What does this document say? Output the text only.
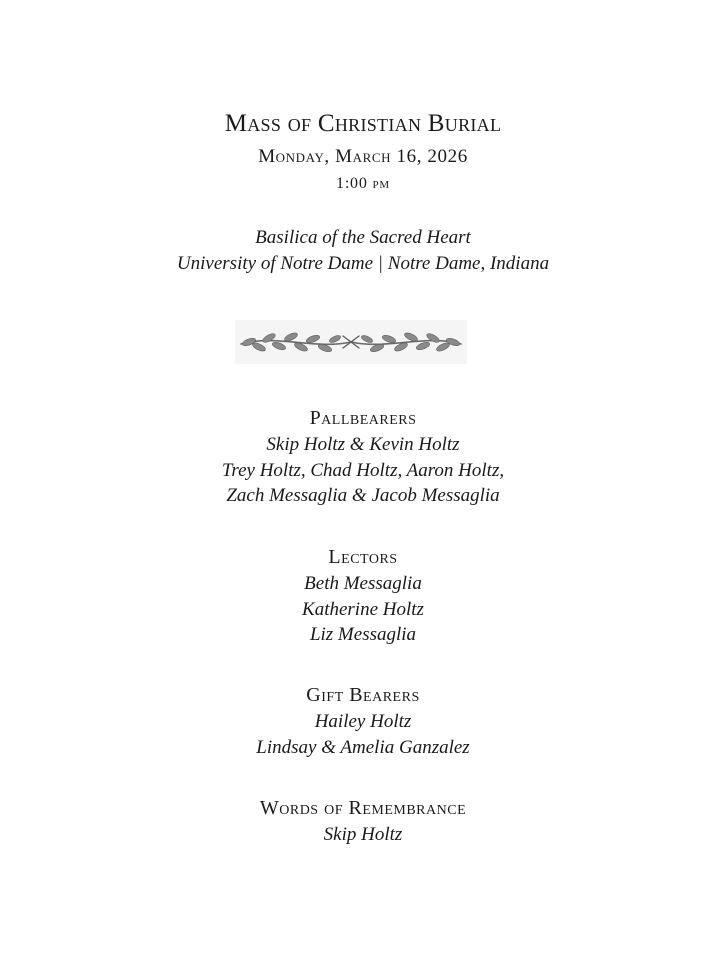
Mass of Christian Burial
Monday, March 16, 2026
1:00 pm
Basilica of the Sacred Heart
University of Notre Dame | Notre Dame, Indiana
Pallbearers
Skip Holtz & Kevin Holtz
Trey Holtz, Chad Holtz, Aaron Holtz,
Zach Messaglia & Jacob Messaglia
Lectors
Beth Messaglia
Katherine Holtz
Liz Messaglia
Gift Bearers
Hailey Holtz
Lindsay & Amelia Ganzalez
Words of Remembrance
Skip Holtz
